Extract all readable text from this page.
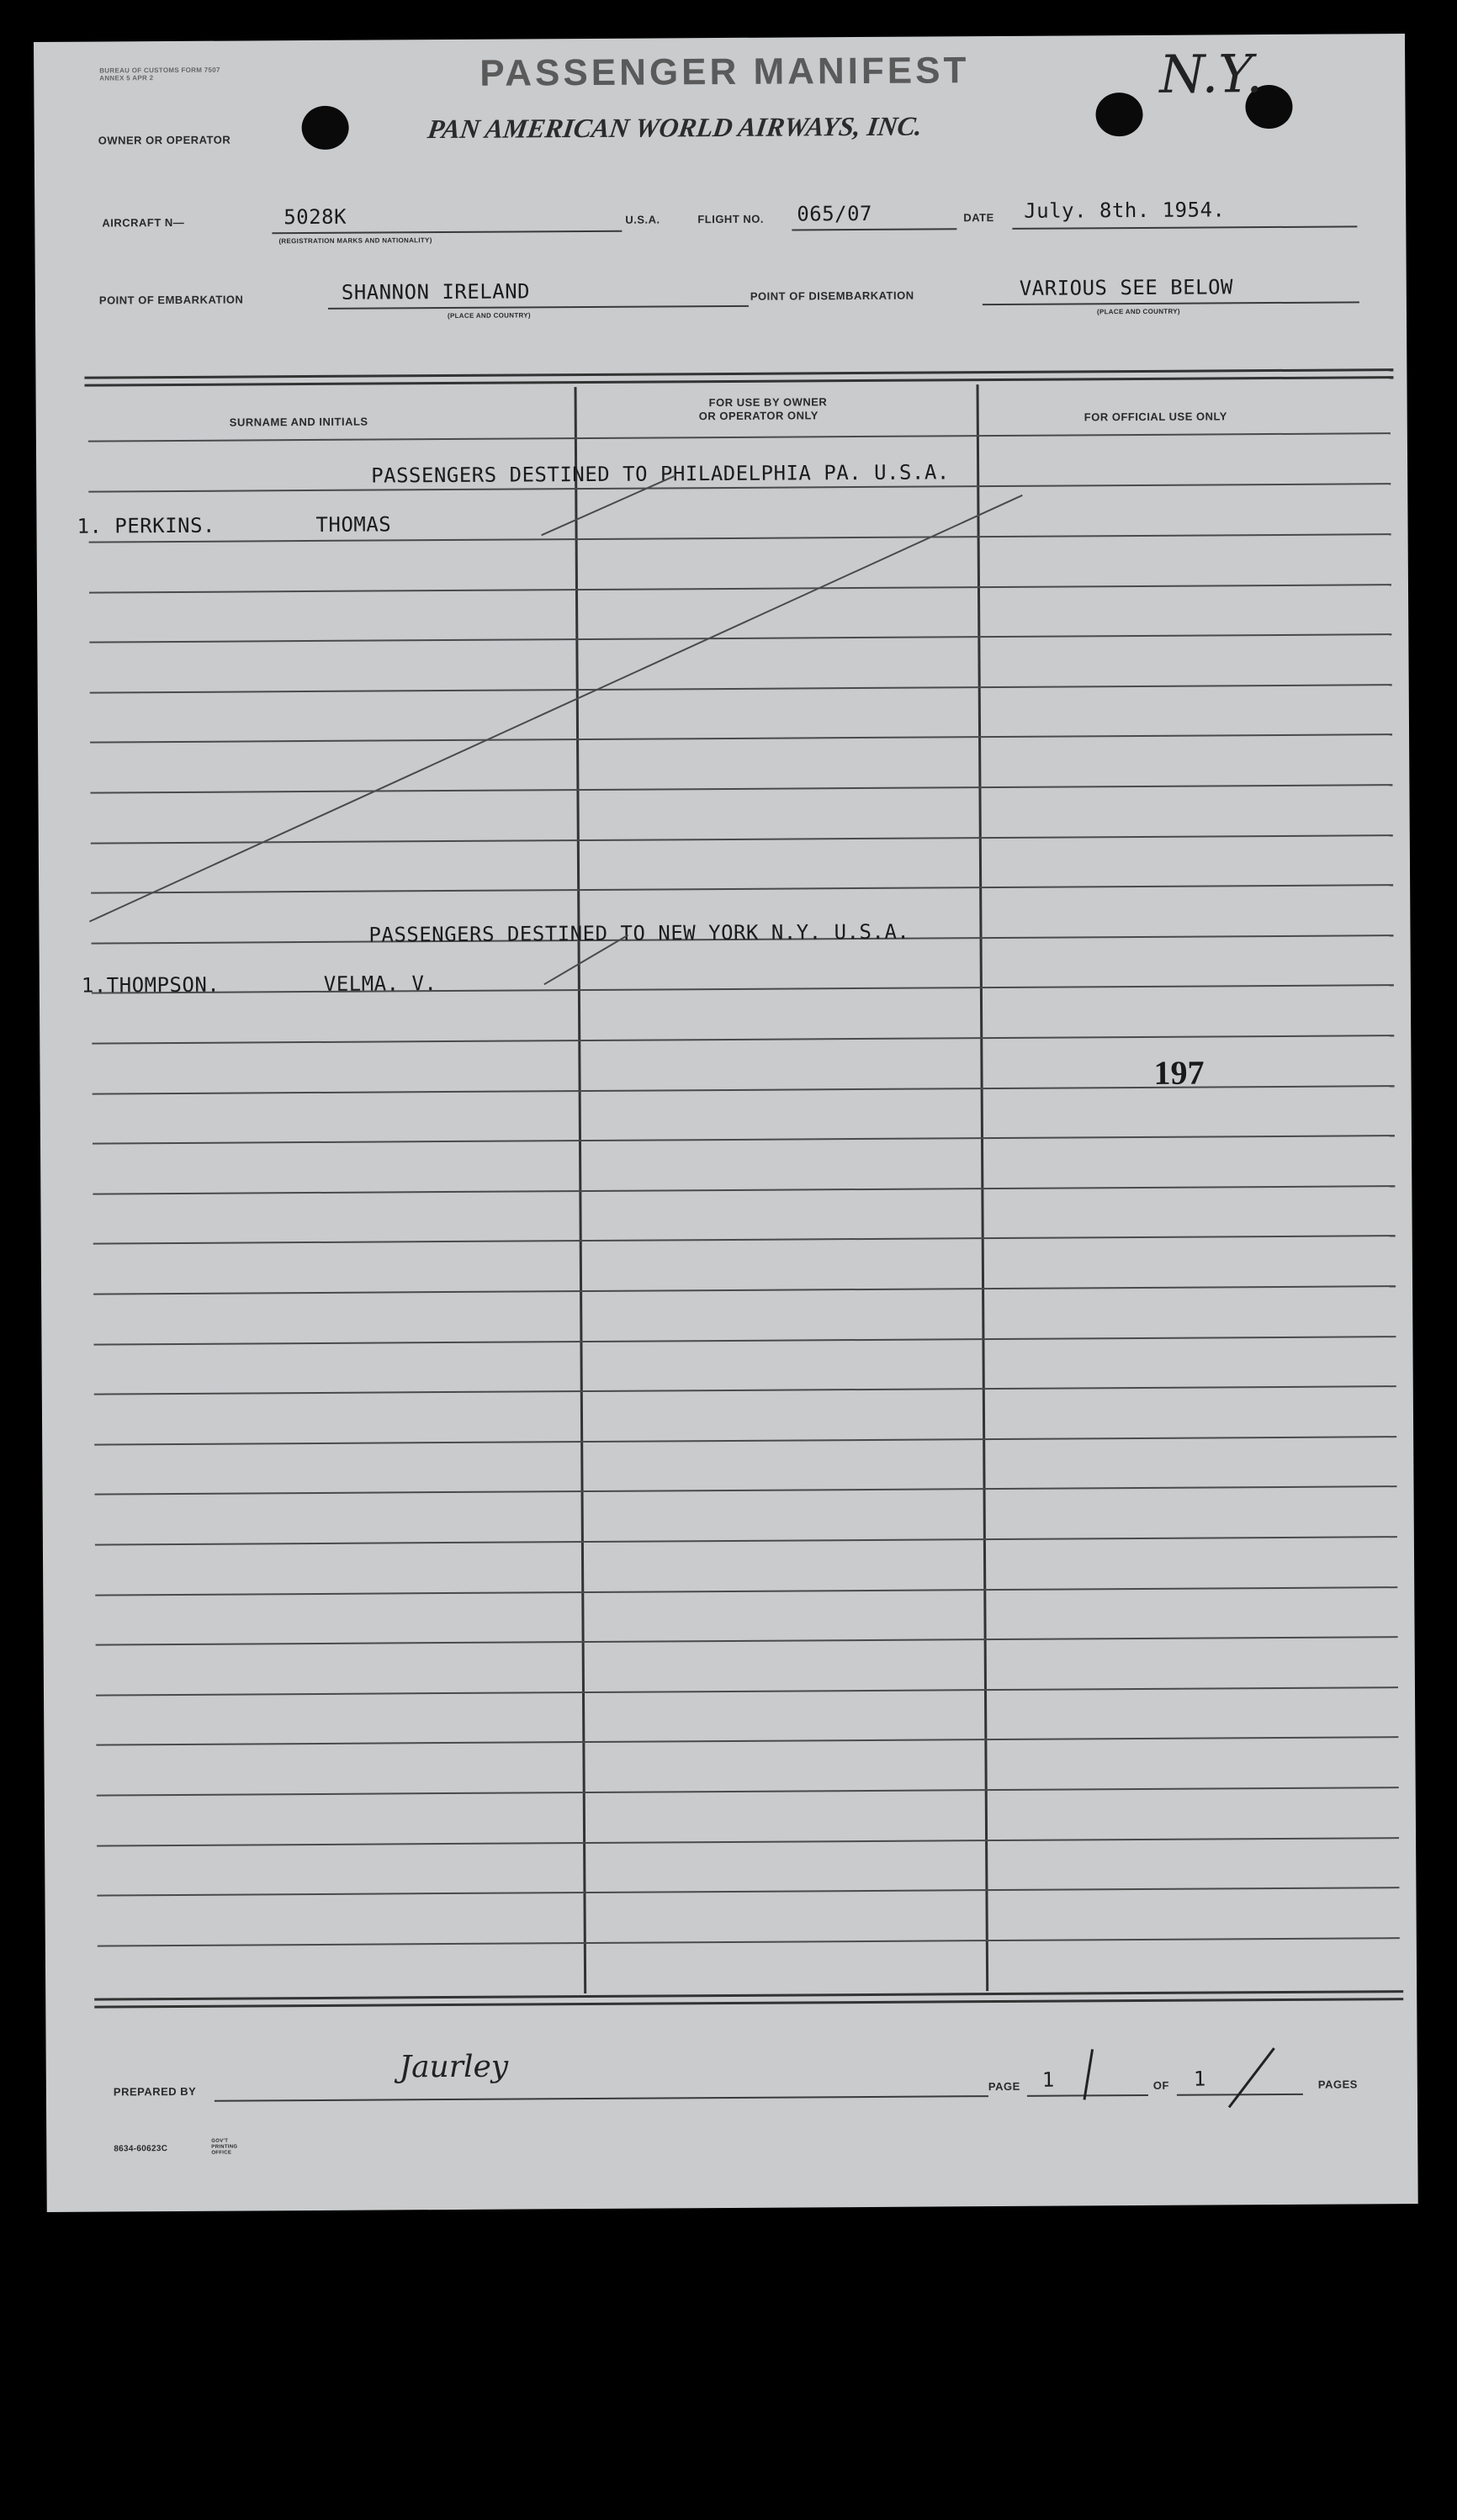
BUREAU OF CUSTOMS FORM 7507 ANNEX 5 APR 2	PASSENGER MANIFEST	N.Y.
OWNER OR OPERATOR	PAN AMERICAN WORLD AIRWAYS, INC.
AIRCRAFT N—	5028K
(REGISTRATION MARKS AND NATIONALITY)
U.S.A.	FLIGHT NO. 065/07	DATE July. 8th. 1954.
POINT OF EMBARKATION	SHANNON IRELAND
(PLACE AND COUNTRY)
POINT OF DISEMBARKATION	VARIOUS SEE BELOW
(PLACE AND COUNTRY)
SURNAME AND INITIALS
FOR USE BY OWNER
OR OPERATOR ONLY	FOR OFFICIAL USE ONLY
PASSENGERS DESTINED TO PHILADELPHIA PA. U.S.A.
1. PERKINS.	THOMAS
PASSENGERS DESTINED TO NEW YORK N.Y. U.S.A.
1.THOMPSON.	VELMA. V.
197
PREPARED BY
Jaurley
PAGE 1	OF 1	PAGES
8634-60623C
GOV'T PRINTING OFFICE
